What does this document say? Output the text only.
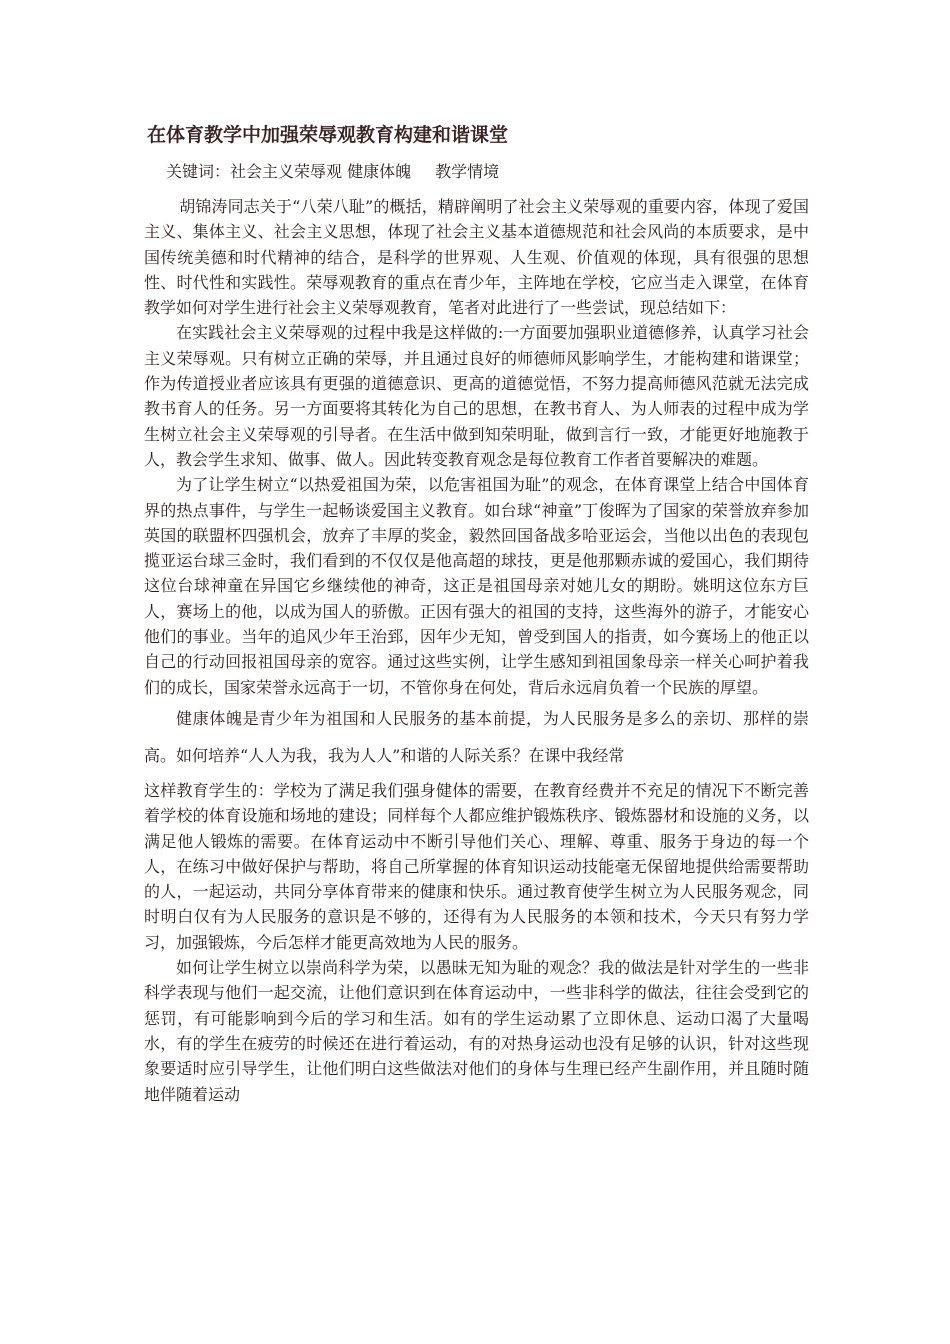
在体育教学中加强荣辱观教育构建和谐课堂
关键词：社会主义荣辱观 健康体魄 教学情境

胡锦涛同志关于“八荣八耻”的概括，精辟阐明了社会主义荣辱观的重要内容，体现了爱国主义、集体主义、社会主义思想，体现了社会主义基本道德规范和社会风尚的本质要求，是中国传统美德和时代精神的结合，是科学的世界观、人生观、价值观的体现，具有很强的思想性、时代性和实践性。荣辱观教育的重点在青少年，主阵地在学校，它应当走入课堂，在体育教学如何对学生进行社会主义荣辱观教育，笔者对此进行了一些尝试，现总结如下：

在实践社会主义荣辱观的过程中我是这样做的:一方面要加强职业道德修养，认真学习社会主义荣辱观。只有树立正确的荣辱，并且通过良好的师德师风影响学生，才能构建和谐课堂；作为传道授业者应该具有更强的道德意识、更高的道德觉悟，不努力提高师德风范就无法完成教书育人的任务。另一方面要将其转化为自己的思想，在教书育人、为人师表的过程中成为学生树立社会主义荣辱观的引导者。在生活中做到知荣明耻，做到言行一致，才能更好地施教于人，教会学生求知、做事、做人。因此转变教育观念是每位教育工作者首要解决的难题。

为了让学生树立“以热爱祖国为荣，以危害祖国为耻”的观念，在体育课堂上结合中国体育界的热点事件，与学生一起畅谈爱国主义教育。如台球“神童”丁俊晖为了国家的荣誉放弃参加英国的联盟杯四强机会，放弃了丰厚的奖金，毅然回国备战多哈亚运会，当他以出色的表现包揽亚运台球三金时，我们看到的不仅仅是他高超的球技，更是他那颗赤诚的爱国心，我们期待这位台球神童在异国它乡继续他的神奇，这正是祖国母亲对她儿女的期盼。姚明这位东方巨人，赛场上的他，以成为国人的骄傲。正因有强大的祖国的支持，这些海外的游子，才能安心他们的事业。当年的追风少年王治郅，因年少无知，曾受到国人的指责，如今赛场上的他正以自己的行动回报祖国母亲的宽容。通过这些实例，让学生感知到祖国象母亲一样关心呵护着我们的成长，国家荣誉永远高于一切，不管你身在何处，背后永远肩负着一个民族的厚望。

健康体魄是青少年为祖国和人民服务的基本前提，为人民服务是多么的亲切、那样的崇高。如何培养“人人为我，我为人人”和谐的人际关系？在课中我经常

这样教育学生的：学校为了满足我们强身健体的需要，在教育经费并不充足的情况下不断完善着学校的体育设施和场地的建设；同样每个人都应维护锻炼秩序、锻炼器材和设施的义务，以满足他人锻炼的需要。在体育运动中不断引导他们关心、理解、尊重、服务于身边的每一个人，在练习中做好保护与帮助，将自己所掌握的体育知识运动技能毫无保留地提供给需要帮助的人，一起运动，共同分享体育带来的健康和快乐。通过教育使学生树立为人民服务观念，同时明白仅有为人民服务的意识是不够的，还得有为人民服务的本领和技术，今天只有努力学习，加强锻炼，今后怎样才能更高效地为人民的服务。

如何让学生树立以崇尚科学为荣，以愚昧无知为耻的观念？我的做法是针对学生的一些非科学表现与他们一起交流，让他们意识到在体育运动中，一些非科学的做法，往往会受到它的惩罚，有可能影响到今后的学习和生活。如有的学生运动累了立即休息、运动口渴了大量喝水，有的学生在疲劳的时候还在进行着运动，有的对热身运动也没有足够的认识，针对这些现象要适时应引导学生，让他们明白这些做法对他们的身体与生理已经产生副作用，并且随时随地伴随着运动
